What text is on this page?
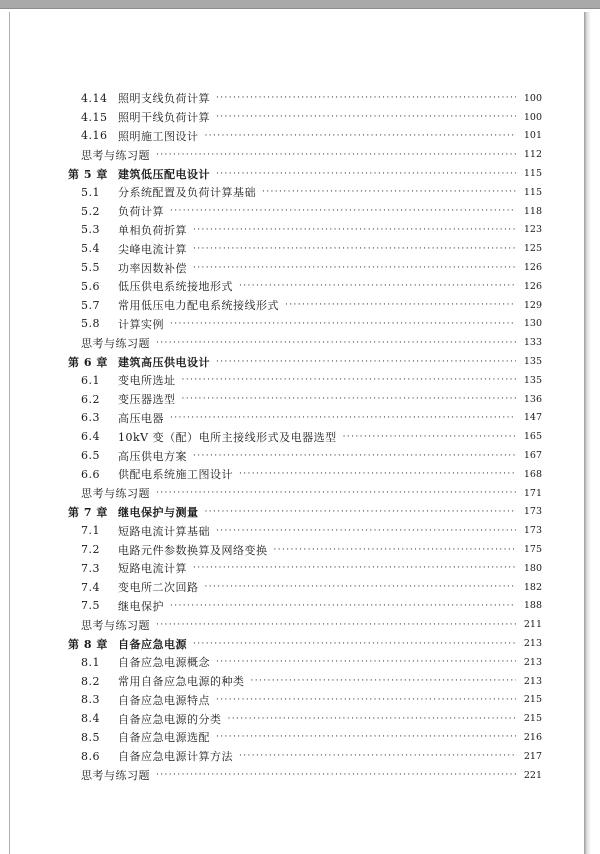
4.14 照明支线负荷计算 ·····	100
4.15 照明干线负荷计算 ·····	100
4.16 照明施工图设计 ·····	101
思考与练习题 ·····	112
第 5 章 建筑低压配电设计 ·····	115
5.1	分系统配置及负荷计算基础 ·····	115
5.2	负荷计算 ·····	118
5.3	单相负荷折算 ·····	123
5.4	尖峰电流计算 ·····	125
5.5	功率因数补偿 ·····	126
5.6	低压供电系统接地形式 ·····	126
5.7	常用低压电力配电系统接线形式 ·····	129
5.8	计算实例 ·····	130
思考与练习题 ·····	133
第 6 章 建筑高压供电设计 ·····	135
6.1	变电所选址 ·····	135
6.2	变压器选型 ·····	136
6.3	高压电器 ·····	147
6.4	10kV 变（配）电所主接线形式及电器选型 ·····	165
6.5	高压供电方案 ·····	167
6.6	供配电系统施工图设计 ·····	168
思考与练习题 ·····	171
第 7 章 继电保护与测量 ·····	173
7.1	短路电流计算基础 ·····	173
7.2	电路元件参数换算及网络变换 ·····	175
7.3	短路电流计算 ·····	180
7.4	变电所二次回路 ·····	182
7.5	继电保护 ·····	188
思考与练习题 ·····	211
第 8 章 自备应急电源 ·····	213
8.1	自备应急电源概念 ·····	213
8.2	常用自备应急电源的种类 ·····	213
8.3	自备应急电源特点 ·····	215
8.4	自备应急电源的分类 ·····	215
8.5	自备应急电源选配 ·····	216
8.6	自备应急电源计算方法 ·····	217
思考与练习题 ·····	221
